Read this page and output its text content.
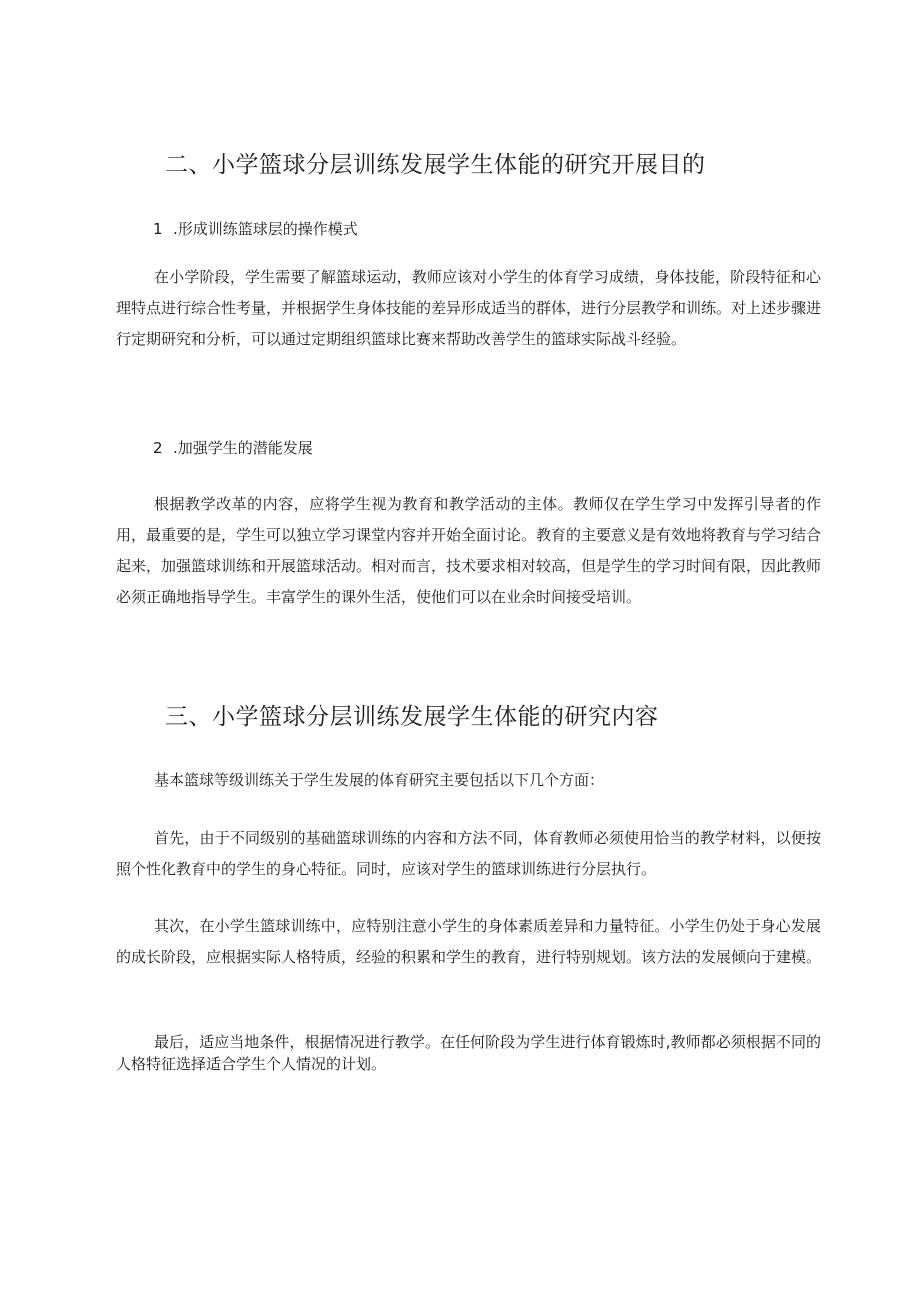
二、小学篮球分层训练发展学生体能的研究开展目的
1 .形成训练篮球层的操作模式

在小学阶段，学生需要了解篮球运动，教师应该对小学生的体育学习成绩，身体技能，阶段特征和心理特点进行综合性考量，并根据学生身体技能的差异形成适当的群体，进行分层教学和训练。对上述步骤进行定期研究和分析，可以通过定期组织篮球比赛来帮助改善学生的篮球实际战斗经验。

2 .加强学生的潜能发展

根据教学改革的内容，应将学生视为教育和教学活动的主体。教师仅在学生学习中发挥引导者的作用，最重要的是，学生可以独立学习课堂内容并开始全面讨论。教育的主要意义是有效地将教育与学习结合起来，加强篮球训练和开展篮球活动。相对而言，技术要求相对较高，但是学生的学习时间有限，因此教师必须正确地指导学生。丰富学生的课外生活，使他们可以在业余时间接受培训。

三、小学篮球分层训练发展学生体能的研究内容

基本篮球等级训练关于学生发展的体育研究主要包括以下几个方面：

首先，由于不同级别的基础篮球训练的内容和方法不同，体育教师必须使用恰当的教学材料，以便按照个性化教育中的学生的身心特征。同时，应该对学生的篮球训练进行分层执行。

其次，在小学生篮球训练中，应特别注意小学生的身体素质差异和力量特征。小学生仍处于身心发展的成长阶段，应根据实际人格特质，经验的积累和学生的教育，进行特别规划。该方法的发展倾向于建模。

最后，适应当地条件，根据情况进行教学。在任何阶段为学生进行体育锻炼时,教师都必须根据不同的人格特征选择适合学生个人情况的计划。
